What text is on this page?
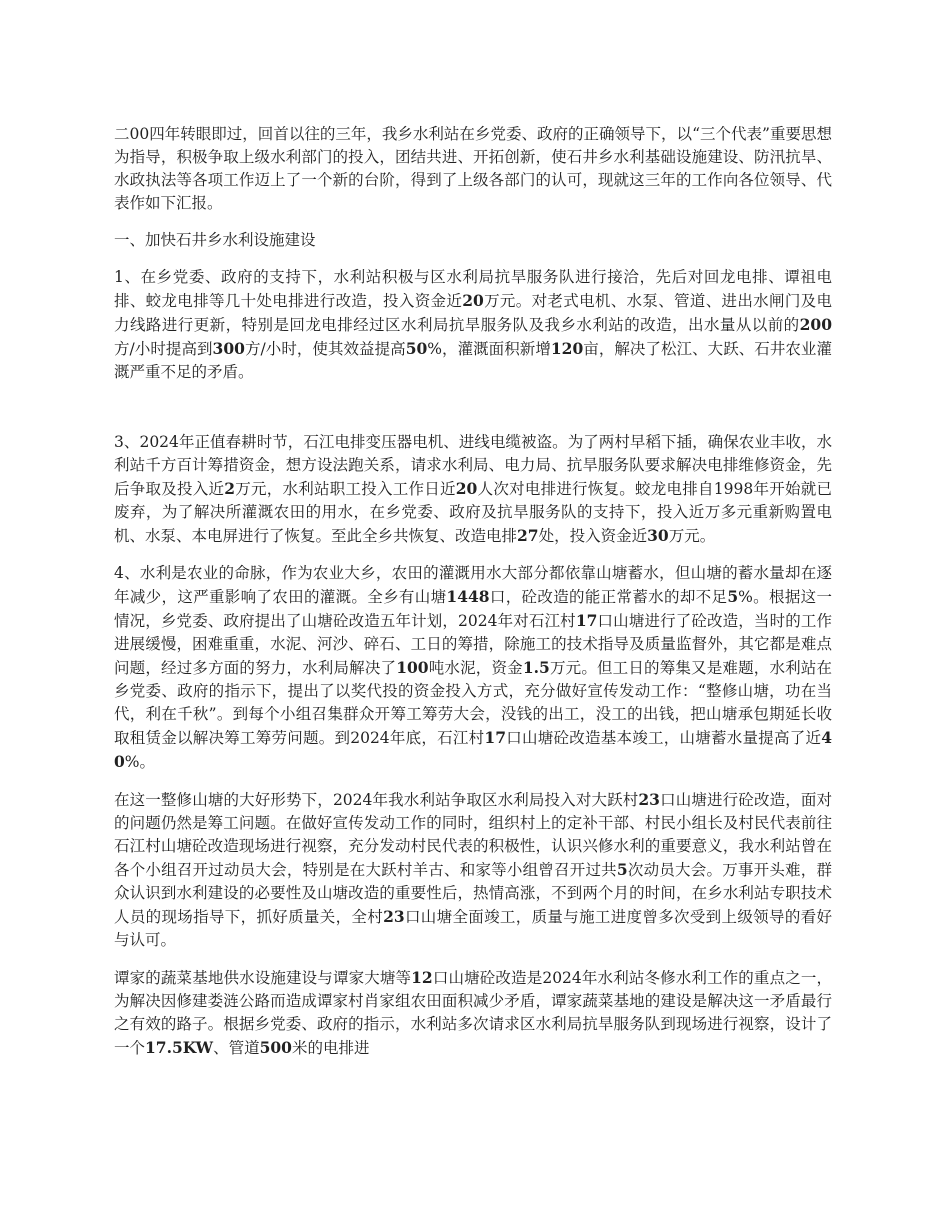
二00四年转眼即过，回首以往的三年，我乡水利站在乡党委、政府的正确领导下，以“三个代表”重要思想为指导，积极争取上级水利部门的投入，团结共进、开拓创新，使石井乡水利基础设施建设、防汛抗旱、水政执法等各项工作迈上了一个新的台阶，得到了上级各部门的认可，现就这三年的工作向各位领导、代表作如下汇报。

一、加快石井乡水利设施建设

1、在乡党委、政府的支持下，水利站积极与区水利局抗旱服务队进行接洽，先后对回龙电排、谭祖电排、蛟龙电排等几十处电排进行改造，投入资金近20万元。对老式电机、水泵、管道、进出水闸门及电力线路进行更新，特别是回龙电排经过区水利局抗旱服务队及我乡水利站的改造，出水量从以前的200方/小时提高到300方/小时，使其效益提高50%，灌溉面积新增120亩，解决了松江、大跃、石井农业灌溉严重不足的矛盾。

3、2024年正值春耕时节，石江电排变压器电机、进线电缆被盗。为了两村早稻下插，确保农业丰收，水利站千方百计筹措资金，想方设法跑关系，请求水利局、电力局、抗旱服务队要求解决电排维修资金，先后争取及投入近2万元，水利站职工投入工作日近20人次对电排进行恢复。蛟龙电排自1998年开始就已废弃，为了解决所灌溉农田的用水，在乡党委、政府及抗旱服务队的支持下，投入近万多元重新购置电机、水泵、本电屏进行了恢复。至此全乡共恢复、改造电排27处，投入资金近30万元。

4、水利是农业的命脉，作为农业大乡，农田的灌溉用水大部分都依靠山塘蓄水，但山塘的蓄水量却在逐年减少，这严重影响了农田的灌溉。全乡有山塘1448口，砼改造的能正常蓄水的却不足5%。根据这一情况，乡党委、政府提出了山塘砼改造五年计划，2024年对石江村17口山塘进行了砼改造，当时的工作进展缓慢，困难重重，水泥、河沙、碎石、工日的筹措，除施工的技术指导及质量监督外，其它都是难点问题，经过多方面的努力，水利局解决了100吨水泥，资金1.5万元。但工日的筹集又是难题，水利站在乡党委、政府的指示下，提出了以奖代投的资金投入方式，充分做好宣传发动工作：“整修山塘，功在当代，利在千秋”。到每个小组召集群众开筹工筹劳大会，没钱的出工，没工的出钱，把山塘承包期延长收取租赁金以解决筹工筹劳问题。到2024年底，石江村17口山塘砼改造基本竣工，山塘蓄水量提高了近40%。

在这一整修山塘的大好形势下，2024年我水利站争取区水利局投入对大跃村23口山塘进行砼改造，面对的问题仍然是筹工问题。在做好宣传发动工作的同时，组织村上的定补干部、村民小组长及村民代表前往石江村山塘砼改造现场进行视察，充分发动村民代表的积极性，认识兴修水利的重要意义，我水利站曾在各个小组召开过动员大会，特别是在大跃村羊古、和家等小组曾召开过共5次动员大会。万事开头难，群众认识到水利建设的必要性及山塘改造的重要性后，热情高涨，不到两个月的时间，在乡水利站专职技术人员的现场指导下，抓好质量关，全村23口山塘全面竣工，质量与施工进度曾多次受到上级领导的看好与认可。

谭家的蔬菜基地供水设施建设与谭家大塘等12口山塘砼改造是2024年水利站冬修水利工作的重点之一，为解决因修建娄涟公路而造成谭家村肖家组农田面积减少矛盾，谭家蔬菜基地的建设是解决这一矛盾最行之有效的路子。根据乡党委、政府的指示，水利站多次请求区水利局抗旱服务队到现场进行视察，设计了一个17.5KW、管道500米的电排进
